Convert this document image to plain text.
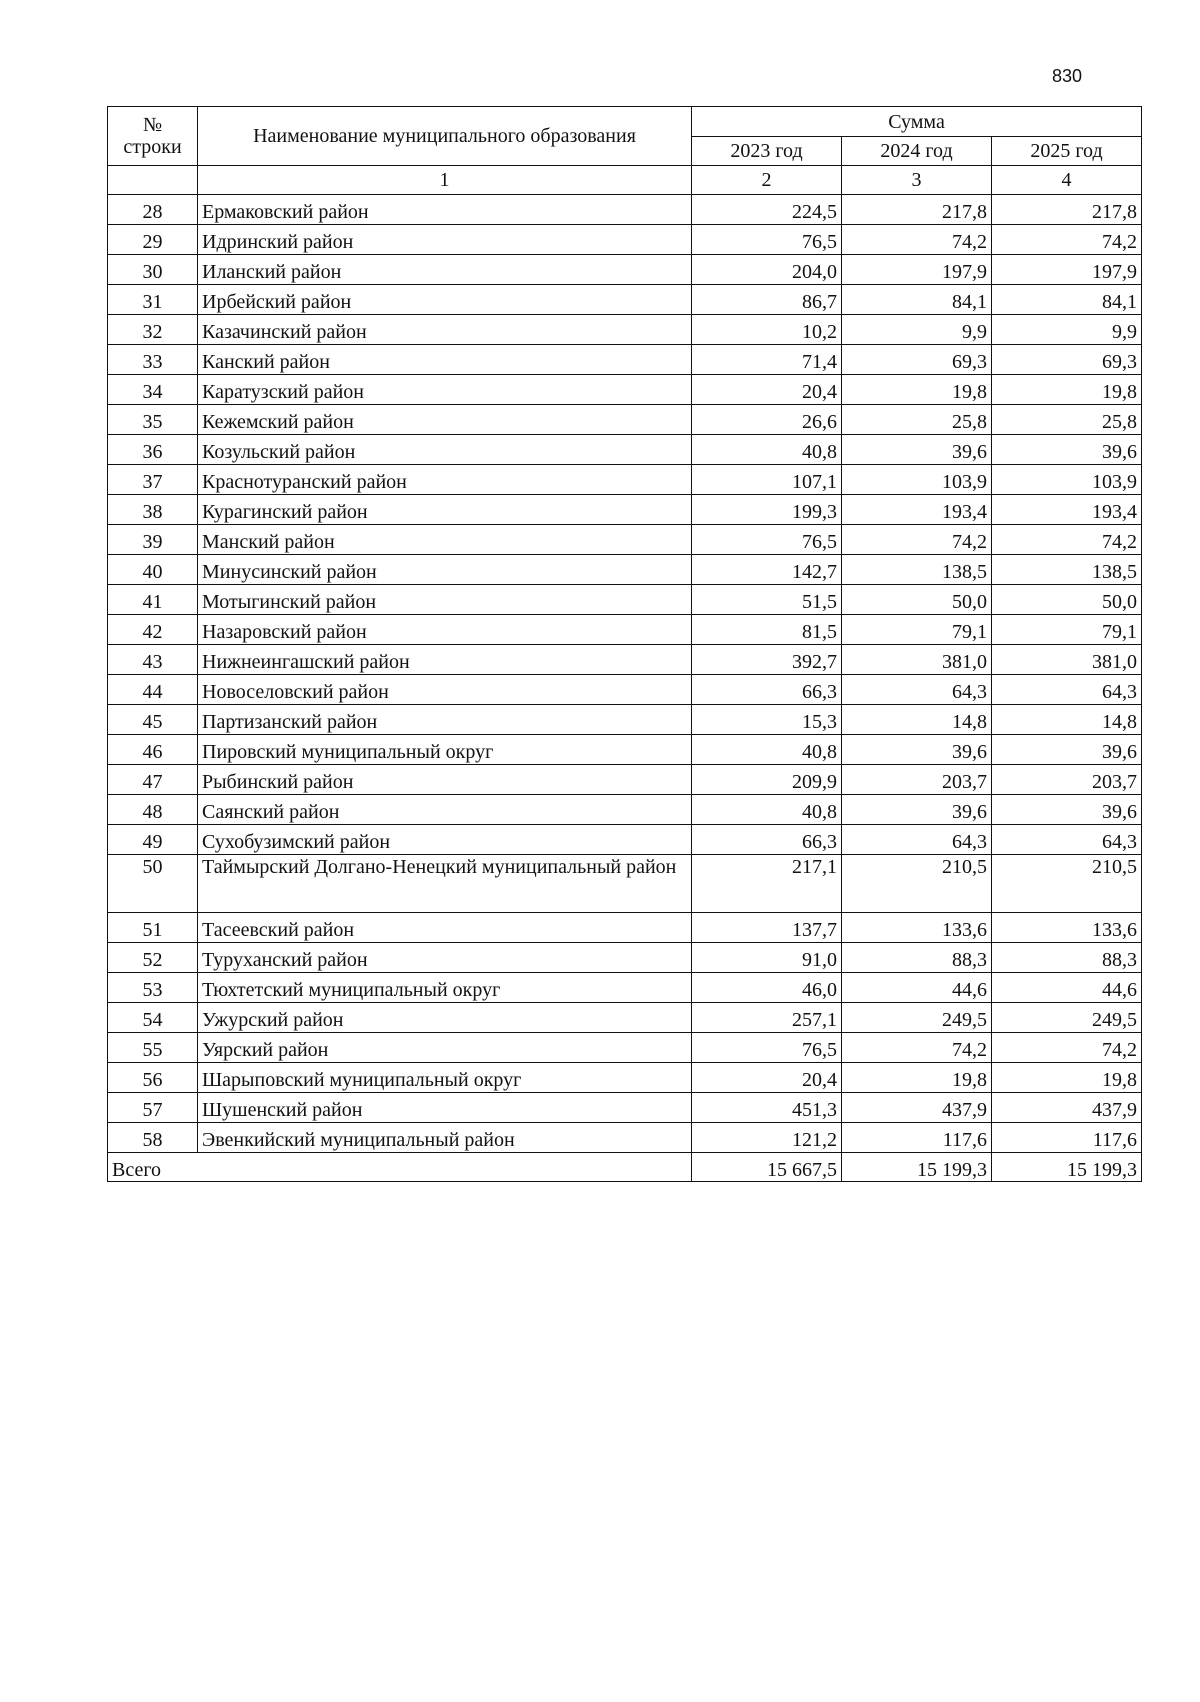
830
№ строки	Наименование муниципального образования	Сумма		
		2023 год	2024 год	2025 год
	1	2	3	4
28	Ермаковский район	224,5	217,8	217,8
29	Идринский район	76,5	74,2	74,2
30	Иланский район	204,0	197,9	197,9
31	Ирбейский район	86,7	84,1	84,1
32	Казачинский район	10,2	9,9	9,9
33	Канский район	71,4	69,3	69,3
34	Каратузский район	20,4	19,8	19,8
35	Кежемский район	26,6	25,8	25,8
36	Козульский район	40,8	39,6	39,6
37	Краснотуранский район	107,1	103,9	103,9
38	Курагинский район	199,3	193,4	193,4
39	Манский район	76,5	74,2	74,2
40	Минусинский район	142,7	138,5	138,5
41	Мотыгинский район	51,5	50,0	50,0
42	Назаровский район	81,5	79,1	79,1
43	Нижнеингашский район	392,7	381,0	381,0
44	Новоселовский район	66,3	64,3	64,3
45	Партизанский район	15,3	14,8	14,8
46	Пировский муниципальный округ	40,8	39,6	39,6
47	Рыбинский район	209,9	203,7	203,7
48	Саянский район	40,8	39,6	39,6
49	Сухобузимский район	66,3	64,3	64,3
50	Таймырский Долгано-Ненецкий муниципальный район	217,1	210,5	210,5
51	Тасеевский район	137,7	133,6	133,6
52	Туруханский район	91,0	88,3	88,3
53	Тюхтетский муниципальный округ	46,0	44,6	44,6
54	Ужурский район	257,1	249,5	249,5
55	Уярский район	76,5	74,2	74,2
56	Шарыповский муниципальный округ	20,4	19,8	19,8
57	Шушенский район	451,3	437,9	437,9
58	Эвенкийский муниципальный район	121,2	117,6	117,6
Всего		15 667,5	15 199,3	15 199,3
